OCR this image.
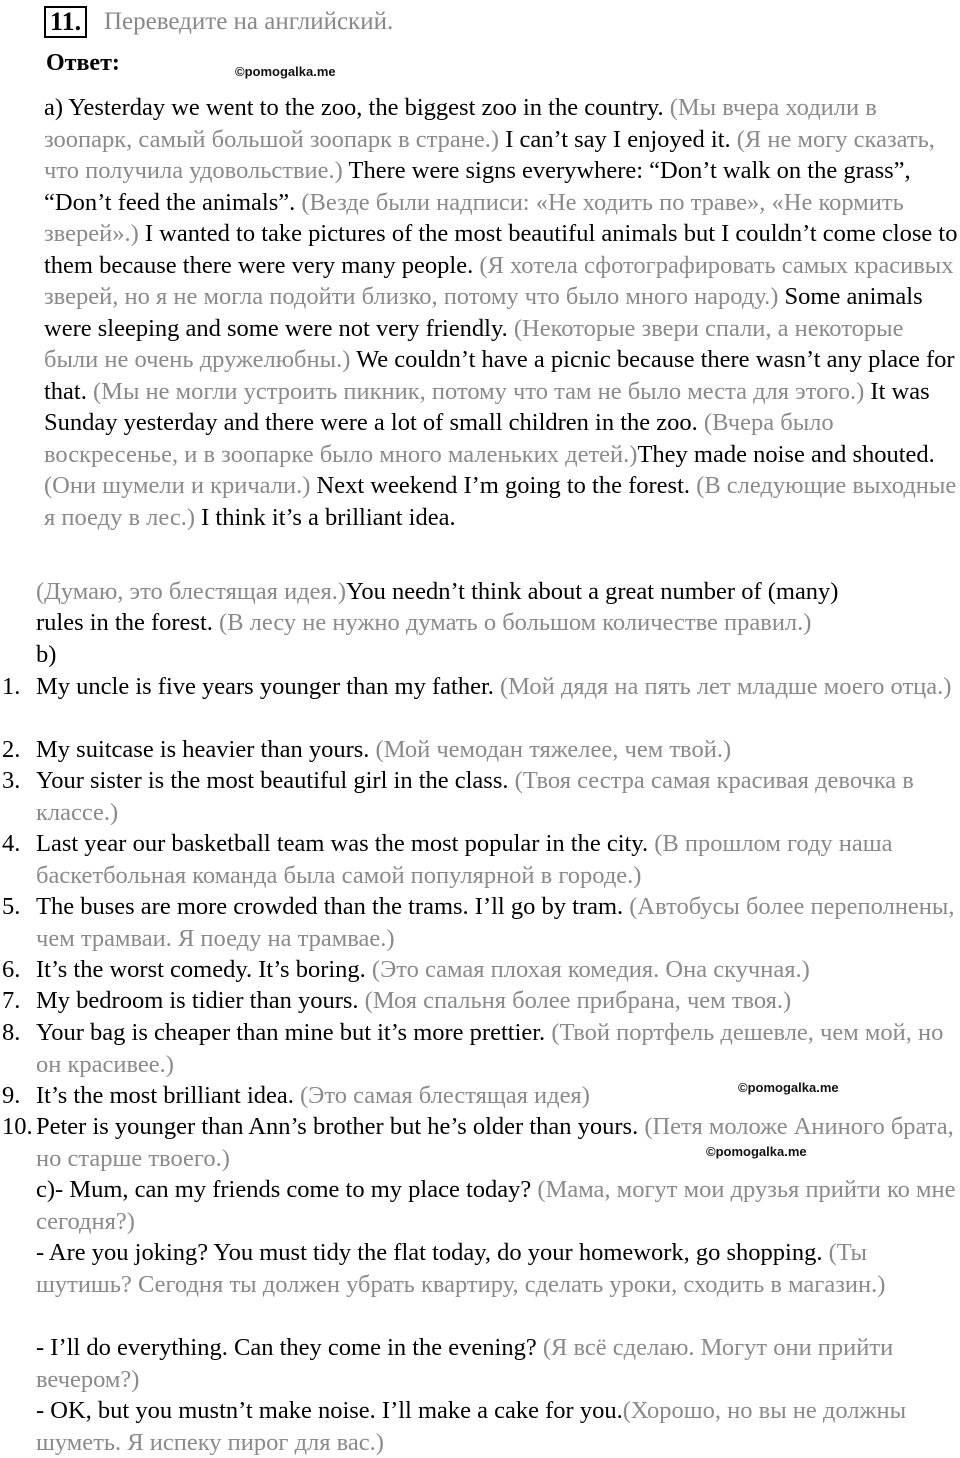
11. Переведите на английский.
Ответ:	©pomogalka.me
a) Yesterday we went to the zoo, the biggest zoo in the country. (Мы вчера ходили в зоопарк, самый большой зоопарк в стране.) I can’t say I enjoyed it. (Я не могу сказать, что получила удовольствие.) There were signs everywhere: “Don’t walk on the grass”, “Don’t feed the animals”. (Везде были надписи: «Не ходить по траве», «Не кормить зверей».) I wanted to take pictures of the most beautiful animals but I couldn’t come close to them because there were very many people. (Я хотела сфотографировать самых красивых зверей, но я не могла подойти близко, потому что было много народу.) Some animals were sleeping and some were not very friendly. (Некоторые звери спали, а некоторые были не очень дружелюбны.) We couldn’t have a picnic because there wasn’t any place for that. (Мы не могли устроить пикник, потому что там не было места для этого.) It was Sunday yesterday and there were a lot of small children in the zoo. (Вчера было воскресенье, и в зоопарке было много маленьких детей.)They made noise and shouted. (Они шумели и кричали.) Next weekend I’m going to the forest. (В следующие выходные я поеду в лес.) I think it’s a brilliant idea.
(Думаю, это блестящая идея.)You needn’t think about a great number of (many)
rules in the forest. (В лесу не нужно думать о большом количестве правил.)
b)
1. My uncle is five years younger than my father. (Мой дядя на пять лет младше моего отца.)
2. My suitcase is heavier than yours. (Мой чемодан тяжелее, чем твой.)
3. Your sister is the most beautiful girl in the class. (Твоя сестра самая красивая девочка в классе.)
4. Last year our basketball team was the most popular in the city. (В прошлом году наша баскетбольная команда была самой популярной в городе.)
5. The buses are more crowded than the trams. I’ll go by tram. (Автобусы более переполнены, чем трамваи. Я поеду на трамвае.)
6. It’s the worst comedy. It’s boring. (Это самая плохая комедия. Она скучная.)
7. My bedroom is tidier than yours. (Моя спальня более прибрана, чем твоя.)
8. Your bag is cheaper than mine but it’s more prettier. (Твой портфель дешевле, чем мой, но он красивее.)
9. It’s the most brilliant idea. (Это самая блестящая идея)	©pomogalka.me
10. Peter is younger than Ann’s brother but he’s older than yours. (Петя моложе Аниного брата, но старше твоего.)	©pomogalka.me
c)- Mum, can my friends come to my place today? (Мама, могут мои друзья прийти ко мне сегодня?)
- Are you joking? You must tidy the flat today, do your homework, go shopping. (Ты шутишь? Сегодня ты должен убрать квартиру, сделать уроки, сходить в магазин.)
- I’ll do everything. Can they come in the evening? (Я всё сделаю. Могут они прийти вечером?)
- OK, but you mustn’t make noise. I’ll make a cake for you.(Хорошо, но вы не должны шуметь. Я испеку пирог для вас.)
